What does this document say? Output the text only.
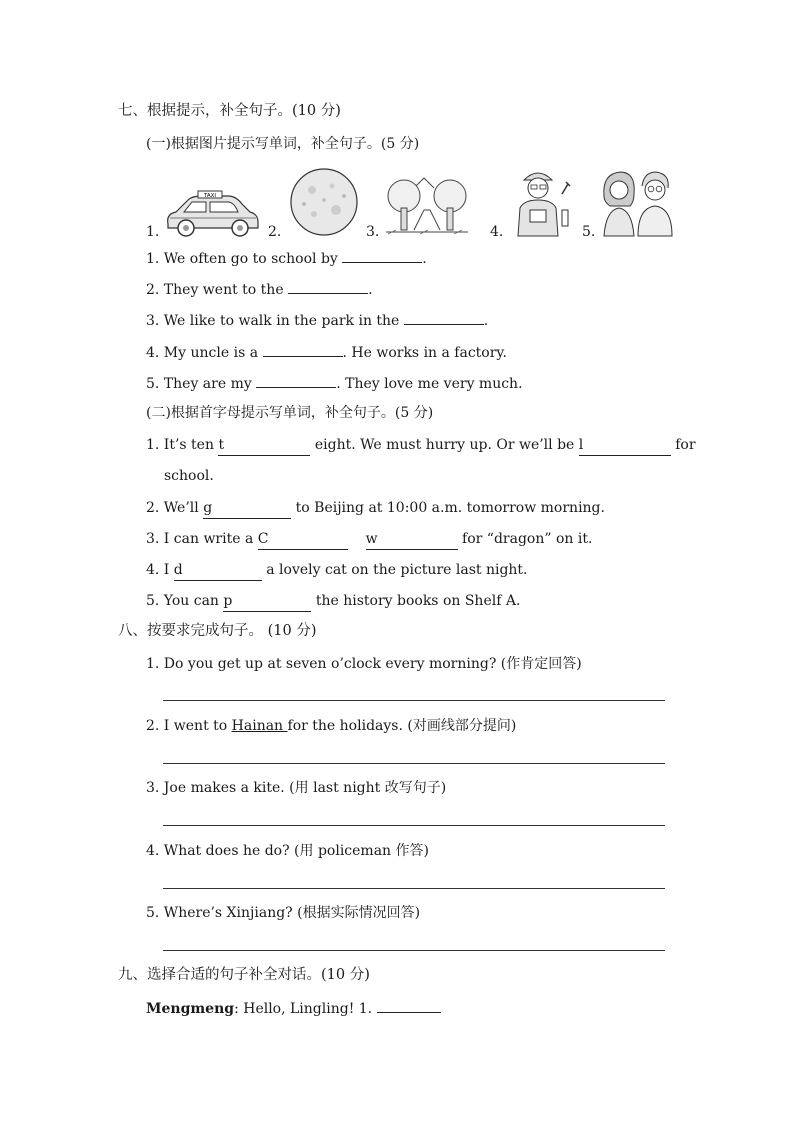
七、根据提示，补全句子。(10 分)
(一)根据图片提示写单词，补全句子。(5 分)
1.
TAXI
2.	3.	4.	5.
1. We often go to school by	.
2. They went to the	.
3. We like to walk in the park in the	.
4. My uncle is a	. He works in a factory.
5. They are my	. They love me very much.
(二)根据首字母提示写单词，补全句子。(5 分)
1. It’s ten t	eight. We must hurry up. Or we’ll be l	for
school.
2. We’ll g	to Beijing at 10:00 a.m. tomorrow morning.
3. I can write a C	w	for “dragon” on it.
4. I d	a lovely cat on the picture last night.
5. You can p	the history books on Shelf A.
八、按要求完成句子。 (10 分)
1. Do you get up at seven o’clock every morning? (作肯定回答)
2. I went to Hainan for the holidays. (对画线部分提问)
3. Joe makes a kite. (用 last night 改写句子)
4. What does he do? (用 policeman 作答)
5. Where’s Xinjiang? (根据实际情况回答)
九、选择合适的句子补全对话。(10 分)
Mengmeng: Hello, Lingling! 1.
